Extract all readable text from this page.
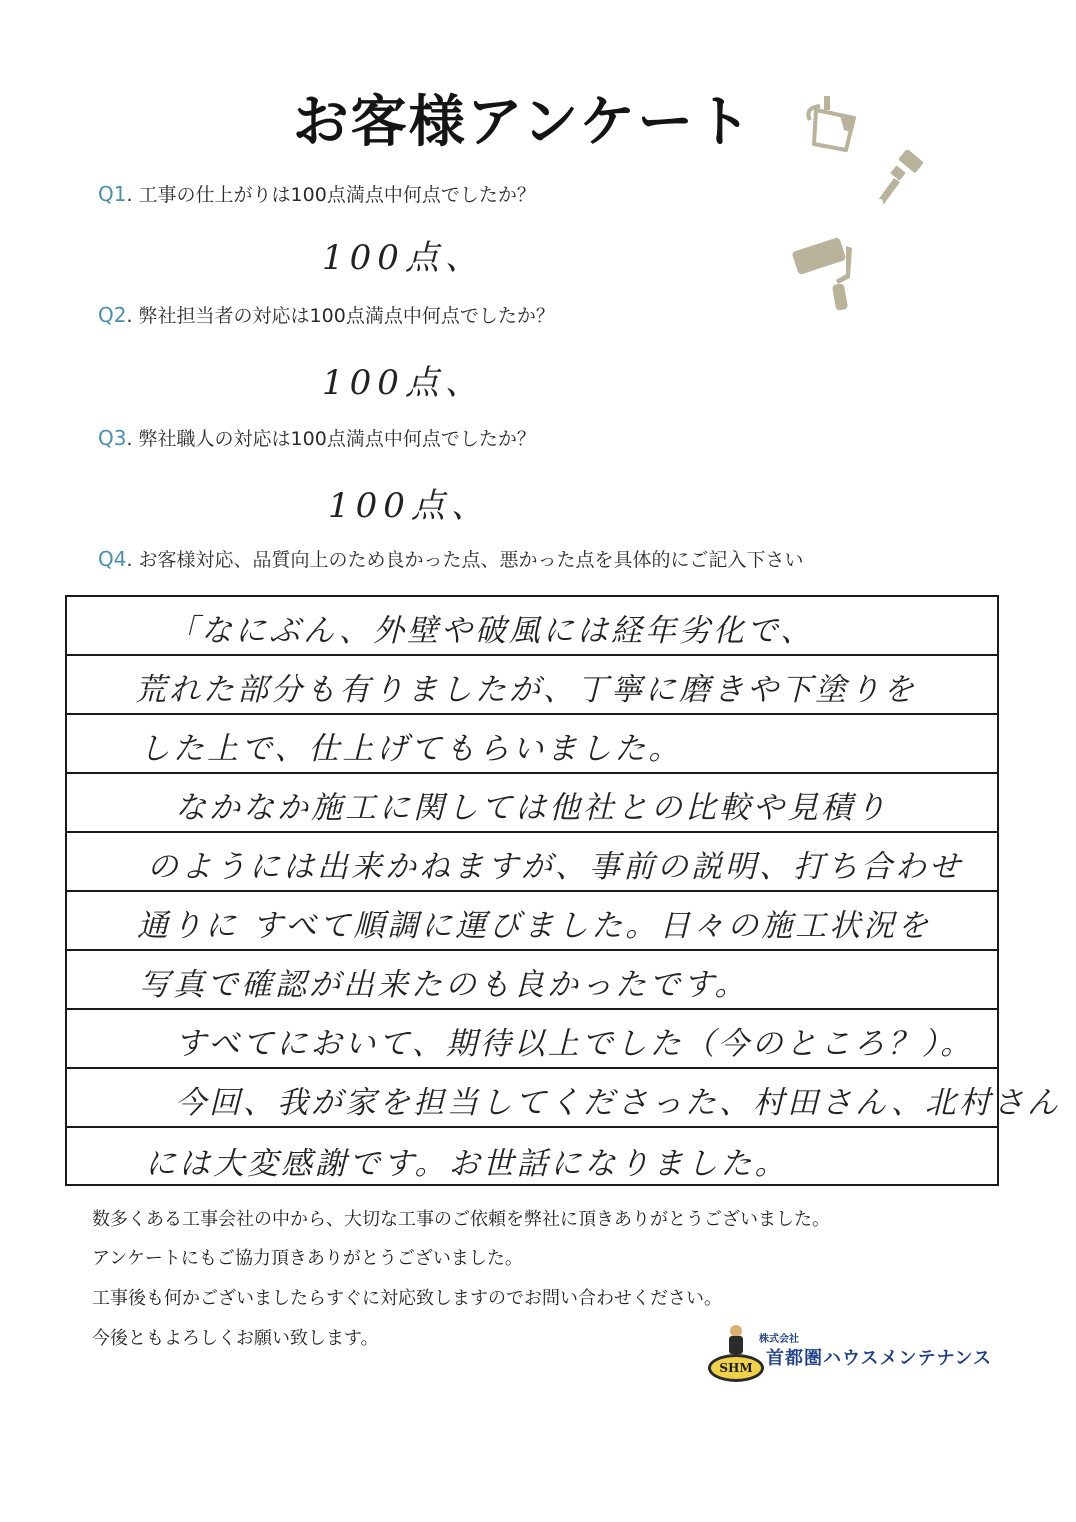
お客様アンケート
Q1. 工事の仕上がりは100点満点中何点でしたか？
100点、
Q2. 弊社担当者の対応は100点満点中何点でしたか？
100点、
Q3. 弊社職人の対応は100点満点中何点でしたか？
100点、
Q4. お客様対応、品質向上のため良かった点、悪かった点を具体的にご記入下さい
「なにぶん、外壁や破風には経年劣化で、
荒れた部分も有りましたが、丁寧に磨きや下塗りを
した上で、仕上げてもらいました。
なかなか施工に関しては他社との比較や見積り
のようには出来かねますが、事前の説明、打ち合わせ
通りに すべて順調に運びました。日々の施工状況を
写真で確認が出来たのも良かったです。
すべてにおいて、期待以上でした（今のところ？）。
今回、我が家を担当してくださった、村田さん、北村さん
には大変感謝です。お世話になりました。
数多くある工事会社の中から、大切な工事のご依頼を弊社に頂きありがとうございました。
アンケートにもご協力頂きありがとうございました。
工事後も何かございましたらすぐに対応致しますのでお問い合わせください。
今後ともよろしくお願い致します。
SHM
株式会社
首都圏ハウスメンテナンス
